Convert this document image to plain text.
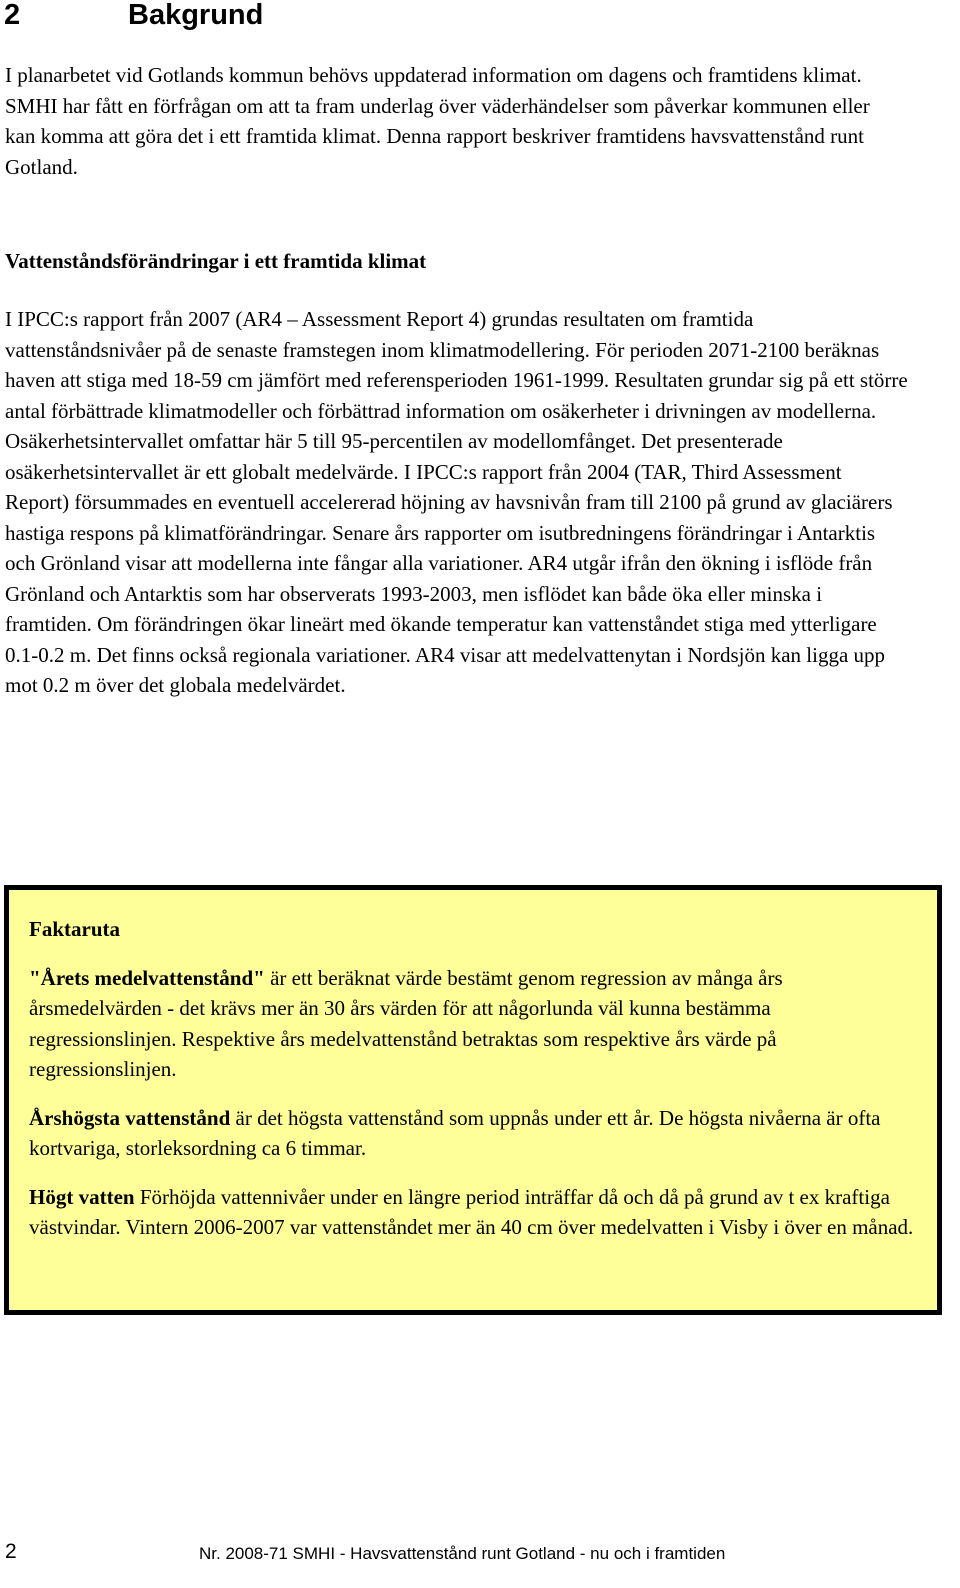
2	Bakgrund

I planarbetet vid Gotlands kommun behövs uppdaterad information om dagens och framtidens klimat. SMHI har fått en förfrågan om att ta fram underlag över väderhändelser som påverkar kommunen eller kan komma att göra det i ett framtida klimat. Denna rapport beskriver framtidens havsvattenstånd runt Gotland.

Vattenståndsförändringar i ett framtida klimat

I IPCC:s rapport från 2007 (AR4 – Assessment Report 4) grundas resultaten om framtida vattenståndsnivåer på de senaste framstegen inom klimatmodellering. För perioden 2071-2100 beräknas haven att stiga med 18-59 cm jämfört med referensperioden 1961-1999. Resultaten grundar sig på ett större antal förbättrade klimatmodeller och förbättrad information om osäkerheter i drivningen av modellerna. Osäkerhetsintervallet omfattar här 5 till 95-percentilen av modellomfånget. Det presenterade osäkerhetsintervallet är ett globalt medelvärde. I IPCC:s rapport från 2004 (TAR, Third Assessment Report) försummades en eventuell accelererad höjning av havsnivån fram till 2100 på grund av glaciärers hastiga respons på klimatförändringar. Senare års rapporter om isutbredningens förändringar i Antarktis och Grönland visar att modellerna inte fångar alla variationer. AR4 utgår ifrån den ökning i isflöde från Grönland och Antarktis som har observerats 1993-2003, men isflödet kan både öka eller minska i framtiden. Om förändringen ökar lineärt med ökande temperatur kan vattenståndet stiga med ytterligare 0.1-0.2 m. Det finns också regionala variationer. AR4 visar att medelvattenytan i Nordsjön kan ligga upp mot 0.2 m över det globala medelvärdet.

Faktaruta

"Årets medelvattenstånd" är ett beräknat värde bestämt genom regression av många års årsmedelvärden - det krävs mer än 30 års värden för att någorlunda väl kunna bestämma regressionslinjen. Respektive års medelvattenstånd betraktas som respektive års värde på regressionslinjen.

Årshögsta vattenstånd är det högsta vattenstånd som uppnås under ett år. De högsta nivåerna är ofta kortvariga, storleksordning ca 6 timmar.

Högt vatten Förhöjda vattennivåer under en längre period inträffar då och då på grund av t ex kraftiga västvindar. Vintern 2006-2007 var vattenståndet mer än 40 cm över medelvatten i Visby i över en månad.

2	Nr. 2008-71 SMHI - Havsvattenstånd runt Gotland - nu och i framtiden
